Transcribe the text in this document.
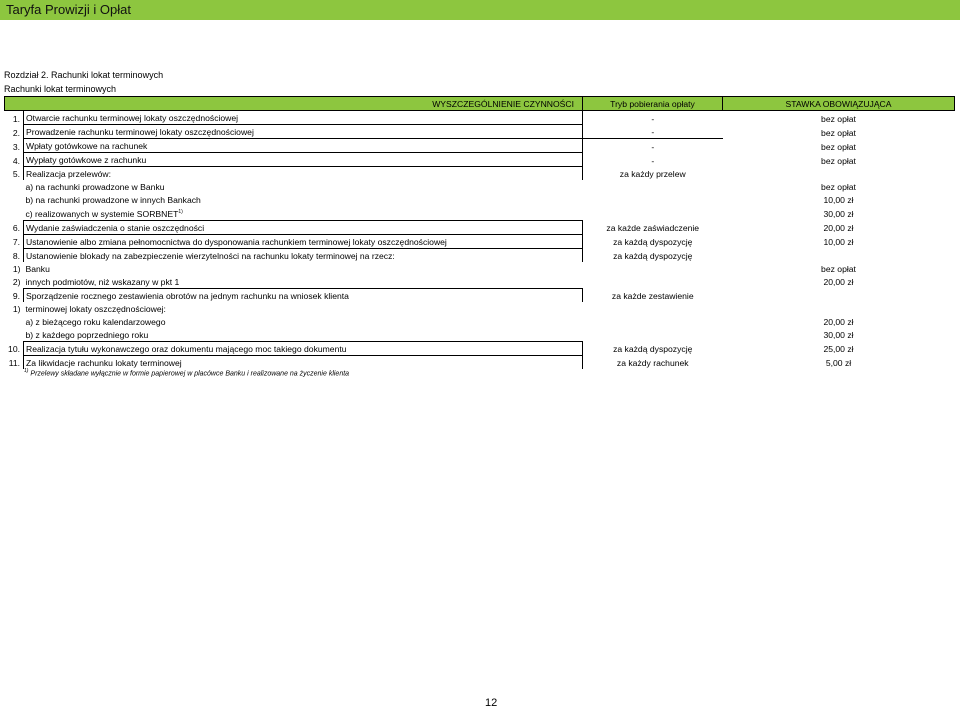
Taryfa Prowizji i Opłat
Rozdział 2. Rachunki lokat terminowych
Rachunki lokat terminowych
WYSZCZEGÓLNIENIE CZYNNOŚCI		Tryb pobierania opłaty	STAWKA OBOWIĄZUJĄCA
1.	Otwarcie rachunku terminowej lokaty oszczędnościowej	-	bez opłat
2.	Prowadzenie rachunku terminowej lokaty oszczędnościowej	-	bez opłat
3.	Wpłaty gotówkowe na rachunek	-	bez opłat
4.	Wypłaty gotówkowe z rachunku	-	bez opłat
5.	Realizacja przelewów:	za każdy przelew	
	a) na rachunki prowadzone w Banku		bez opłat
	b) na rachunki prowadzone w innych Bankach		10,00 zł
	c) realizowanych w systemie SORBNET$^{1)}$		30,00 zł
6.	Wydanie zaświadczenia o stanie oszczędności	za każde zaświadczenie	20,00 zł
7.	Ustanowienie albo zmiana pełnomocnictwa do dysponowania rachunkiem terminowej lokaty oszczędnościowej	za każdą dyspozycję	10,00 zł
8.	Ustanowienie blokady na zabezpieczenie wierzytelności na rachunku lokaty terminowej na rzecz:	za każdą dyspozycję	
1)	Banku		bez opłat
2)	innych podmiotów, niż wskazany w pkt 1		20,00 zł
9.	Sporządzenie rocznego zestawienia obrotów na jednym rachunku na wniosek klienta	za każde zestawienie	
1)	terminowej lokaty oszczędnościowej:		
	a) z bieżącego roku kalendarzowego		20,00 zł
	b) z każdego poprzedniego roku		30,00 zł
10.	Realizacja tytułu wykonawczego oraz dokumentu mającego moc takiego dokumentu	za każdą dyspozycję	25,00 zł
11.	Za likwidacje rachunku lokaty terminowej	za każdy rachunek	5,00 zł
$^{1)}$ Przelewy składane wyłącznie w formie papierowej w placówce Banku i realizowane na życzenie klienta
12
